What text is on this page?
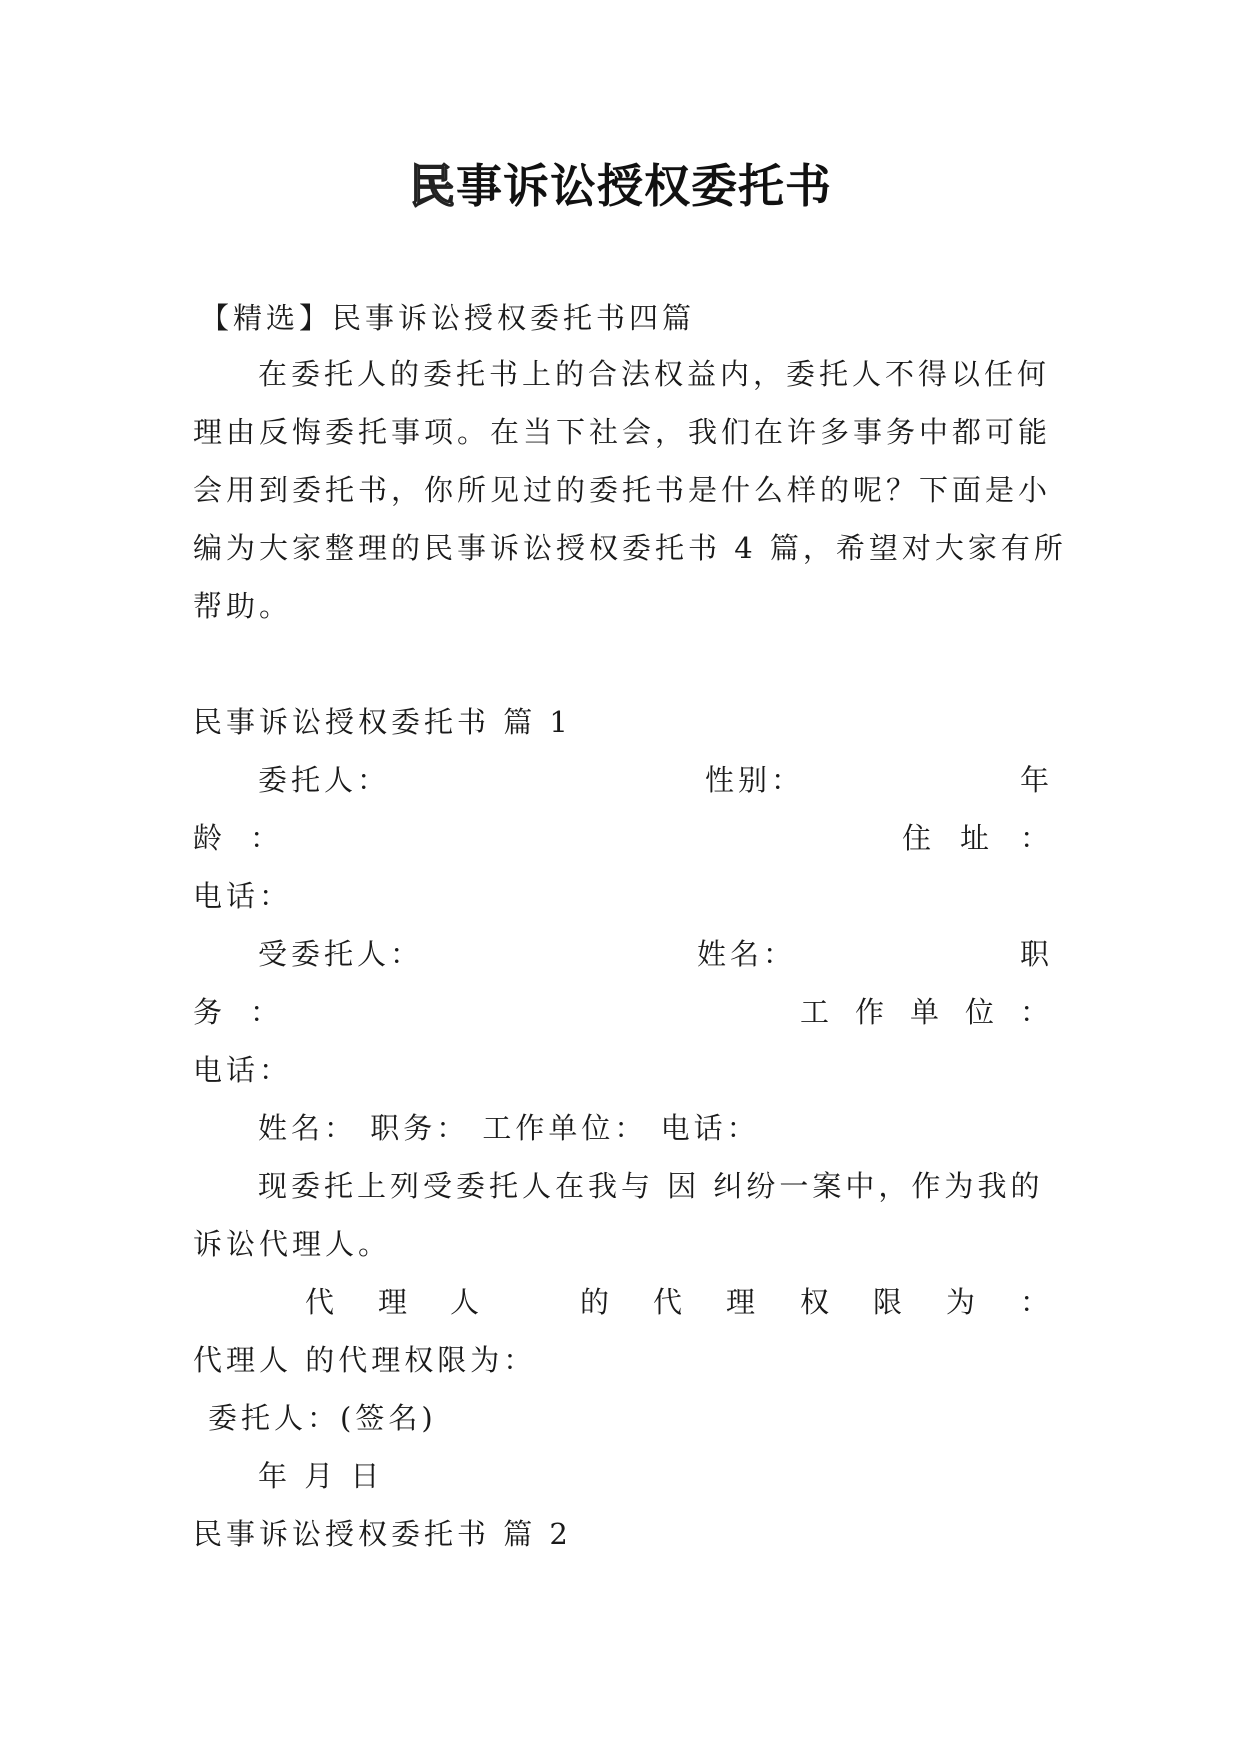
民事诉讼授权委托书
【精选】民事诉讼授权委托书四篇
在委托人的委托书上的合法权益内，委托人不得以任何
理由反悔委托事项。在当下社会，我们在许多事务中都可能
会用到委托书，你所见过的委托书是什么样的呢？下面是小
编为大家整理的民事诉讼授权委托书 4 篇，希望对大家有所
帮助。
民事诉讼授权委托书 篇 1
委托人：	性别：	年
龄 ：	住 址 ：
电话：
受委托人：	姓名：	职
务 ：	工 作 单 位 ：
电话：
姓名： 职务： 工作单位： 电话：
现委托上列受委托人在我与 因 纠纷一案中，作为我的
诉讼代理人。
代 理 人	的 代 理 权 限 为 ：
代理人 的代理权限为：
委托人：(签名)
年 月 日
民事诉讼授权委托书 篇 2
